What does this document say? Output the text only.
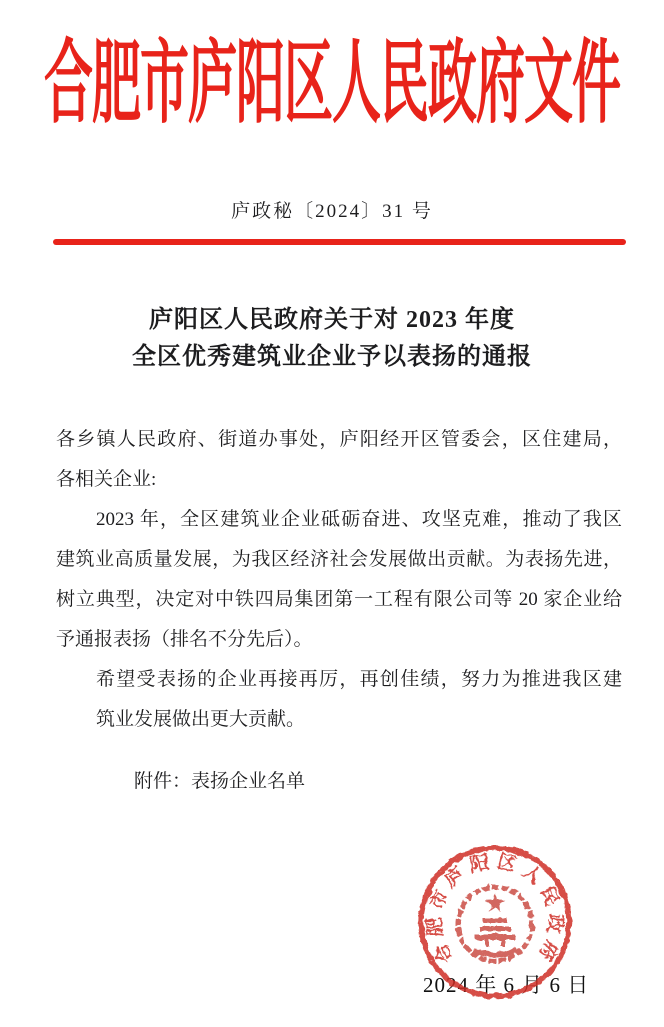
合肥市庐阳区人民政府文件
庐政秘〔2024〕31 号
庐阳区人民政府关于对 2023 年度
全区优秀建筑业企业予以表扬的通报
各乡镇人民政府、街道办事处，庐阳经开区管委会，区住建局，
各相关企业:
2023 年，全区建筑业企业砥砺奋进、攻坚克难，推动了我区
建筑业高质量发展，为我区经济社会发展做出贡献。为表扬先进，
树立典型，决定对中铁四局集团第一工程有限公司等 20 家企业给
予通报表扬（排名不分先后）。
希望受表扬的企业再接再厉，再创佳绩，努力为推进我区建
筑业发展做出更大贡献。
附件：表扬企业名单
合肥市庐阳区人民政府
2024 年 6 月 6 日
